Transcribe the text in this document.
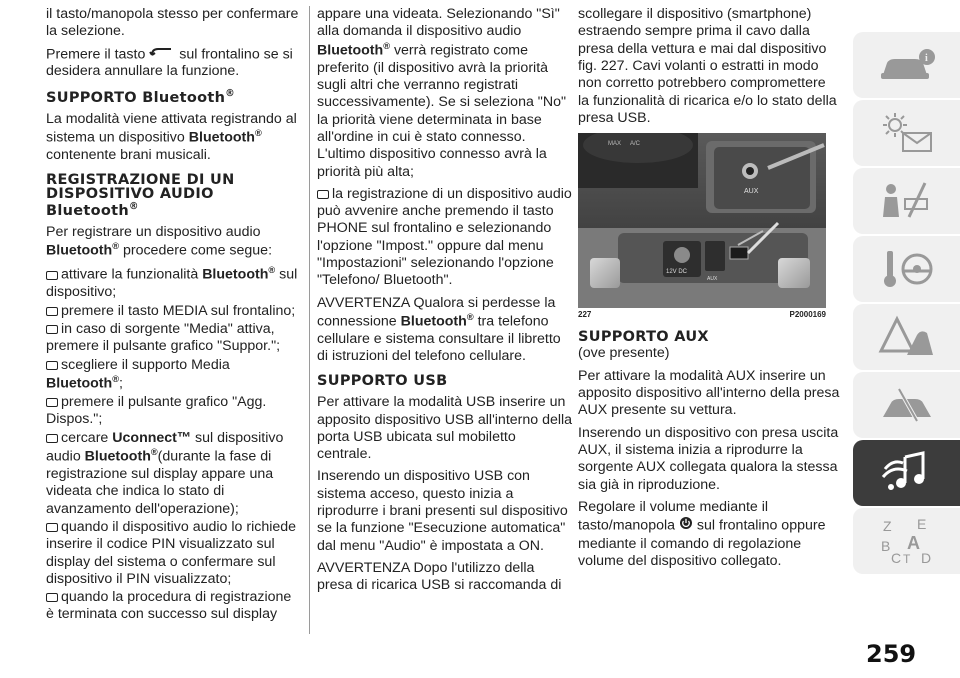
il tasto/manopola stesso per confermare la selezione.

Premere il tasto sul frontalino se si desidera annullare la funzione.

SUPPORTO Bluetooth®

La modalità viene attivata registrando al sistema un dispositivo Bluetooth® contenente brani musicali.

REGISTRAZIONE DI UN DISPOSITIVO AUDIO Bluetooth®

Per registrare un dispositivo audio Bluetooth® procedere come segue:

attivare la funzionalità Bluetooth® sul dispositivo;
premere il tasto MEDIA sul frontalino;
in caso di sorgente "Media" attiva, premere il pulsante grafico "Suppor.";
scegliere il supporto Media Bluetooth®;
premere il pulsante grafico "Agg. Dispos.";
cercare Uconnect™ sul dispositivo audio Bluetooth®(durante la fase di registrazione sul display appare una videata che indica lo stato di avanzamento dell'operazione);
quando il dispositivo audio lo richiede inserire il codice PIN visualizzato sul display del sistema o confermare sul dispositivo il PIN visualizzato;
quando la procedura di registrazione è terminata con successo sul display

appare una videata. Selezionando "Sì" alla domanda il dispositivo audio Bluetooth® verrà registrato come preferito (il dispositivo avrà la priorità sugli altri che verranno registrati successivamente). Se si seleziona "No" la priorità viene determinata in base all'ordine in cui è stato connesso. L'ultimo dispositivo connesso avrà la priorità più alta;

la registrazione di un dispositivo audio può avvenire anche premendo il tasto PHONE sul frontalino e selezionando l'opzione "Impost." oppure dal menu "Impostazioni" selezionando l'opzione "Telefono/ Bluetooth".

AVVERTENZA Qualora si perdesse la connessione Bluetooth® tra telefono cellulare e sistema consultare il libretto di istruzioni del telefono cellulare.

SUPPORTO USB

Per attivare la modalità USB inserire un apposito dispositivo USB all'interno della porta USB ubicata sul mobiletto centrale.

Inserendo un dispositivo USB con sistema acceso, questo inizia a riprodurre i brani presenti sul dispositivo se la funzione "Esecuzione automatica" dal menu "Audio" è impostata a ON.

AVVERTENZA Dopo l'utilizzo della presa di ricarica USB si raccomanda di

scollegare il dispositivo (smartphone) estraendo sempre prima il cavo dalla presa della vettura e mai dal dispositivo fig. 227. Cavi volanti o estratti in modo non corretto potrebbero compromettere la funzionalità di ricarica e/o lo stato della presa USB.

MAX A/C
AUX
12V DC
AUX
227	P2000169
SUPPORTO AUX

(ove presente)

Per attivare la modalità AUX inserire un apposito dispositivo all'interno della presa AUX presente su vettura.

Inserendo un dispositivo con presa uscita AUX, il sistema inizia a riprodurre la sorgente AUX collegata qualora la stessa sia già in riproduzione.

Regolare il volume mediante il tasto/manopola sul frontalino oppure mediante il comando di regolazione volume del dispositivo collegato.

i
Z E
B A
C T D
259
